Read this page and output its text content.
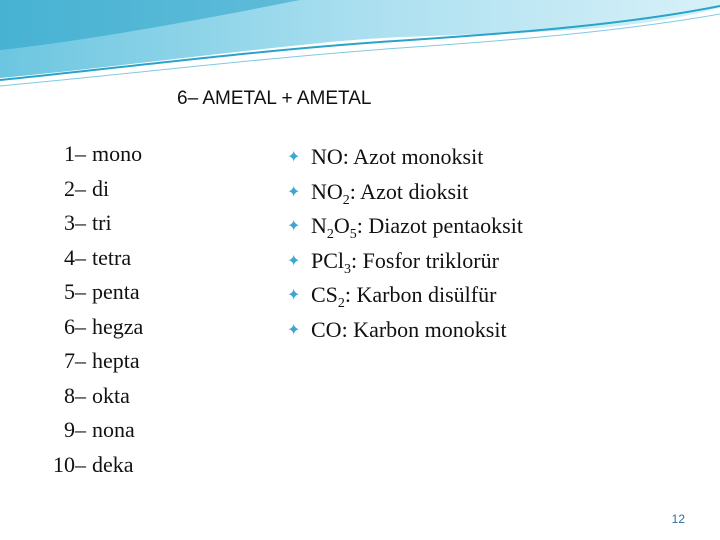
6– AMETAL + AMETAL
1– mono
2– di
3– tri
4– tetra
5– penta
6– hegza
7– hepta
8– okta
9– nona
10– deka
✦ NO: Azot monoksit
✦ $NO_2$: Azot dioksit
✦ $N_2O_5$: Diazot pentaoksit
✦ PCl$_3$: Fosfor triklorür
✦ $CS_2$: Karbon disülfür
✦ CO: Karbon monoksit
12
